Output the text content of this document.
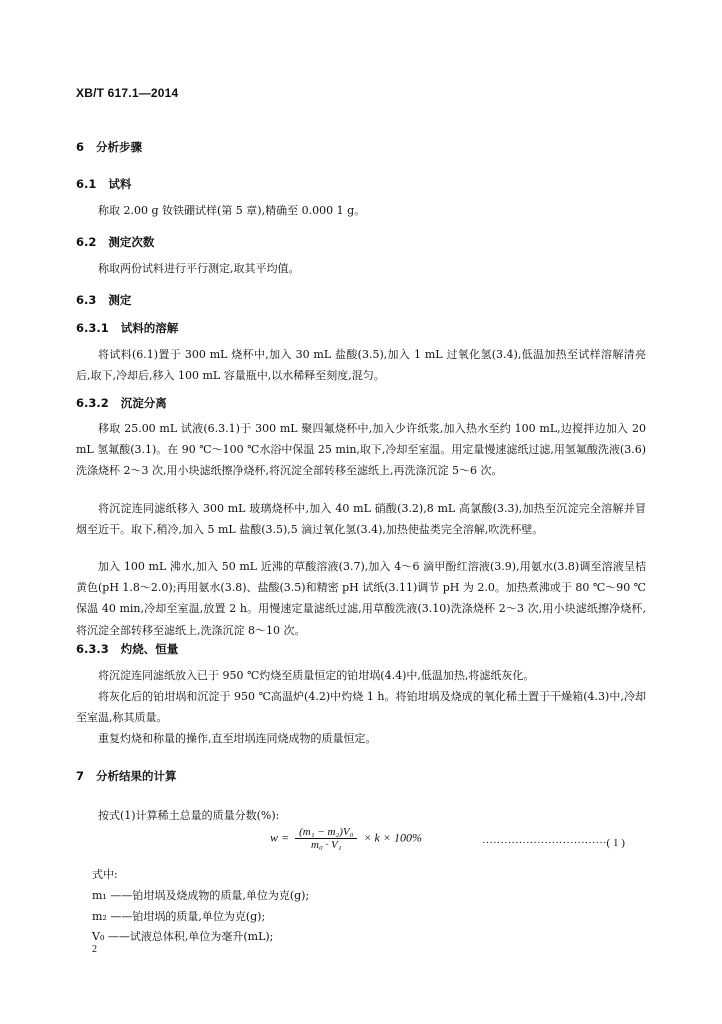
XB/T 617.1—2014
6 分析步骤
6.1 试料
称取 2.00 g 钕铁硼试样(第 5 章),精确至 0.000 1 g。
6.2 测定次数
称取两份试料进行平行测定,取其平均值。
6.3 测定
6.3.1 试料的溶解
将试料(6.1)置于 300 mL 烧杯中,加入 30 mL 盐酸(3.5),加入 1 mL 过氧化氢(3.4),低温加热至试样溶解清亮后,取下,冷却后,移入 100 mL 容量瓶中,以水稀释至刻度,混匀。
6.3.2 沉淀分离
移取 25.00 mL 试液(6.3.1)于 300 mL 聚四氟烧杯中,加入少许纸浆,加入热水至约 100 mL,边搅拌边加入 20 mL 氢氟酸(3.1)。在 90 ℃～100 ℃水浴中保温 25 min,取下,冷却至室温。用定量慢速滤纸过滤,用氢氟酸洗液(3.6) 洗涤烧杯 2～3 次,用小块滤纸擦净烧杯,将沉淀全部转移至滤纸上,再洗涤沉淀 5～6 次。
将沉淀连同滤纸移入 300 mL 玻璃烧杯中,加入 40 mL 硝酸(3.2),8 mL 高氯酸(3.3),加热至沉淀完全溶解并冒烟至近干。取下,稍冷,加入 5 mL 盐酸(3.5),5 滴过氧化氢(3.4),加热使盐类完全溶解,吹洗杯壁。
加入 100 mL 沸水,加入 50 mL 近沸的草酸溶液(3.7),加入 4～6 滴甲酚红溶液(3.9),用氨水(3.8)调至溶液呈桔黄色(pH 1.8～2.0);再用氨水(3.8)、盐酸(3.5)和精密 pH 试纸(3.11)调节 pH 为 2.0。加热煮沸或于 80 ℃～90 ℃保温 40 min,冷却至室温,放置 2 h。用慢速定量滤纸过滤,用草酸洗液(3.10)洗涤烧杯 2～3 次,用小块滤纸擦净烧杯,将沉淀全部转移至滤纸上,洗涤沉淀 8～10 次。
6.3.3 灼烧、恒量
将沉淀连同滤纸放入已于 950 ℃灼烧至质量恒定的铂坩埚(4.4)中,低温加热,将滤纸灰化。
将灰化后的铂坩埚和沉淀于 950 ℃高温炉(4.2)中灼烧 1 h。将铂坩埚及烧成的氧化稀土置于干燥箱(4.3)中,冷却至室温,称其质量。
重复灼烧和称量的操作,直至坩埚连同烧成物的质量恒定。
7 分析结果的计算
按式(1)计算稀土总量的质量分数(%):
$w = \frac{\text{(m₁ − m₂)V₀}}{\text{m₀ · V₁}} \times k \times 100\%$	··································( 1 )
式中:
m₁ ——铂坩埚及烧成物的质量,单位为克(g);
m₂ ——铂坩埚的质量,单位为克(g);
V₀ ——试液总体积,单位为毫升(mL);
2
